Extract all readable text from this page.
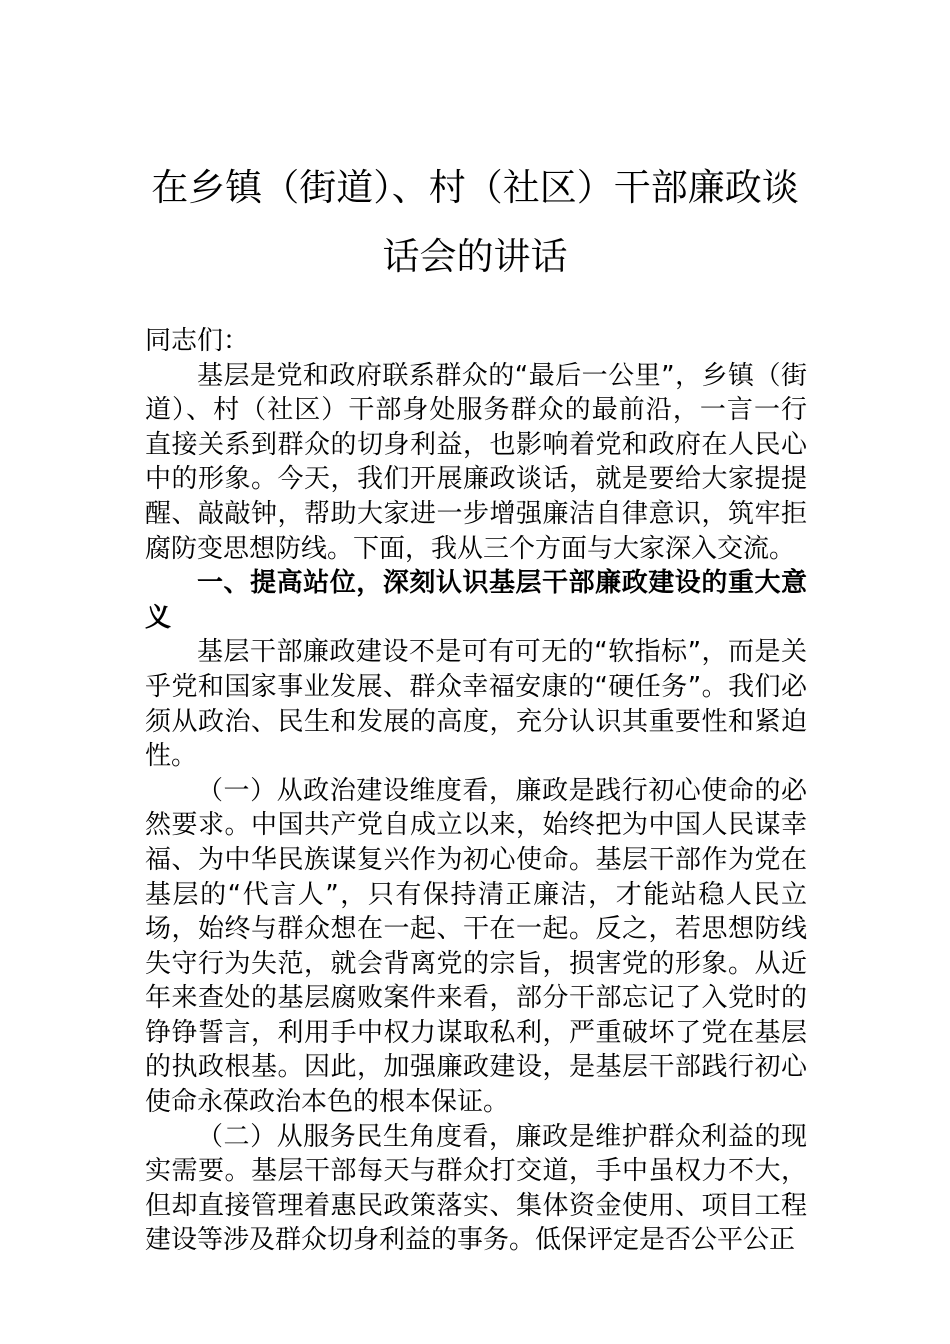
在乡镇（街道）、村（社区）干部廉政谈
话会的讲话

同志们：

基层是党和政府联系群众的“最后一公里”，乡镇（街道）、村（社区）干部身处服务群众的最前沿，一言一行直接关系到群众的切身利益，也影响着党和政府在人民心中的形象。今天，我们开展廉政谈话，就是要给大家提提醒、敲敲钟，帮助大家进一步增强廉洁自律意识，筑牢拒腐防变思想防线。下面，我从三个方面与大家深入交流。

一、提高站位，深刻认识基层干部廉政建设的重大意义

基层干部廉政建设不是可有可无的“软指标”，而是关乎党和国家事业发展、群众幸福安康的“硬任务”。我们必须从政治、民生和发展的高度，充分认识其重要性和紧迫性。

（一）从政治建设维度看，廉政是践行初心使命的必然要求。中国共产党自成立以来，始终把为中国人民谋幸福、为中华民族谋复兴作为初心使命。基层干部作为党在基层的“代言人”，只有保持清正廉洁，才能站稳人民立场，始终与群众想在一起、干在一起。反之，若思想防线失守行为失范，就会背离党的宗旨，损害党的形象。从近年来查处的基层腐败案件来看，部分干部忘记了入党时的铮铮誓言，利用手中权力谋取私利，严重破坏了党在基层的执政根基。因此，加强廉政建设，是基层干部践行初心使命永葆政治本色的根本保证。

（二）从服务民生角度看，廉政是维护群众利益的现实需要。基层干部每天与群众打交道，手中虽权力不大，但却直接管理着惠民政策落实、集体资金使用、项目工程建设等涉及群众切身利益的事务。低保评定是否公平公正
